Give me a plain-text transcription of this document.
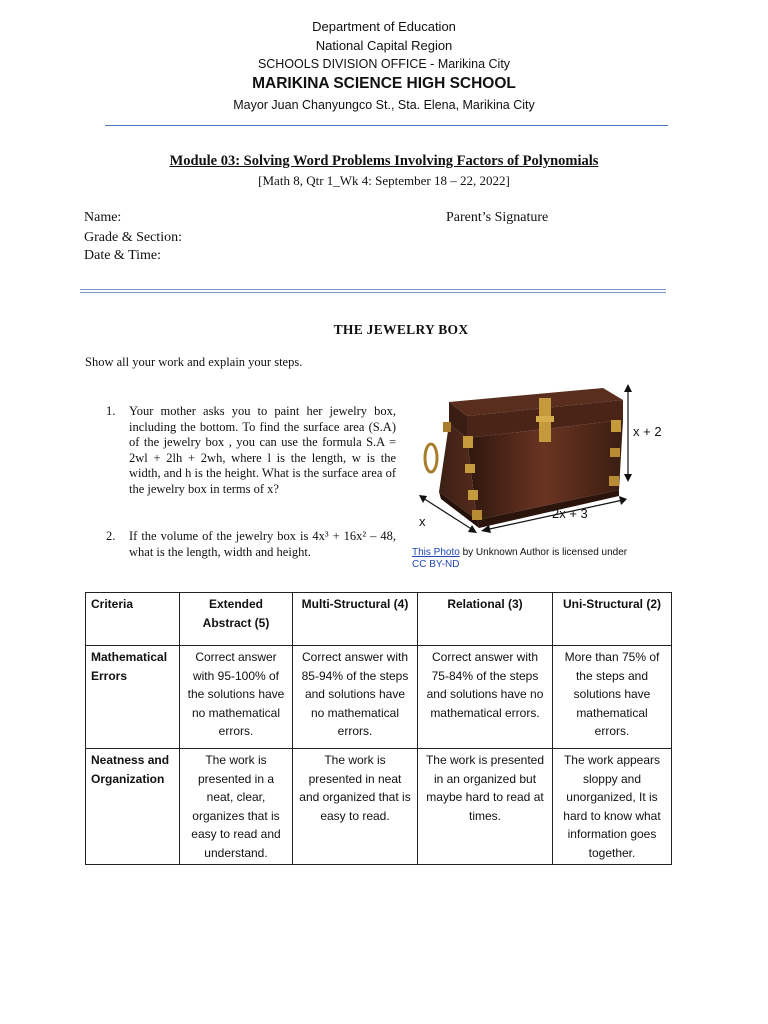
Department of Education
National Capital Region
SCHOOLS DIVISION OFFICE - Marikina City
MARIKINA SCIENCE HIGH SCHOOL
Mayor Juan Chanyungco St., Sta. Elena, Marikina City
Module 03: Solving Word Problems Involving Factors of Polynomials
[Math 8, Qtr 1_Wk 4: September 18 – 22, 2022]
Name:	Parent’s Signature
Grade & Section:
Date & Time:
THE JEWELRY BOX
Show all your work and explain your steps.
1. Your mother asks you to paint her jewelry box, including the bottom. To find the surface area (S.A) of the jewelry box , you can use the formula S.A = 2wl + 2lh + 2wh, where l is the length, w is the width, and h is the height. What is the surface area of the jewelry box in terms of x?
2. If the volume of the jewelry box is 4x³ + 16x² – 48, what is the length, width and height.
x + 2
2x + 3
x
This Photo by Unknown Author is licensed under CC BY-ND
Criteria	Extended Abstract (5)	Multi-Structural (4)	Relational (3)	Uni-Structural (2)
Mathematical Errors	Correct answer with 95-100% of the solutions have no mathematical errors.	Correct answer with 85-94% of the steps and solutions have no mathematical errors.	Correct answer with 75-84% of the steps and solutions have no mathematical errors.	More than 75% of the steps and solutions have mathematical errors.
Neatness and Organization	The work is presented in a neat, clear, organizes that is easy to read and understand.	The work is presented in neat and organized that is easy to read.	The work is presented in an organized but maybe hard to read at times.	The work appears sloppy and unorganized, It is hard to know what information goes together.
